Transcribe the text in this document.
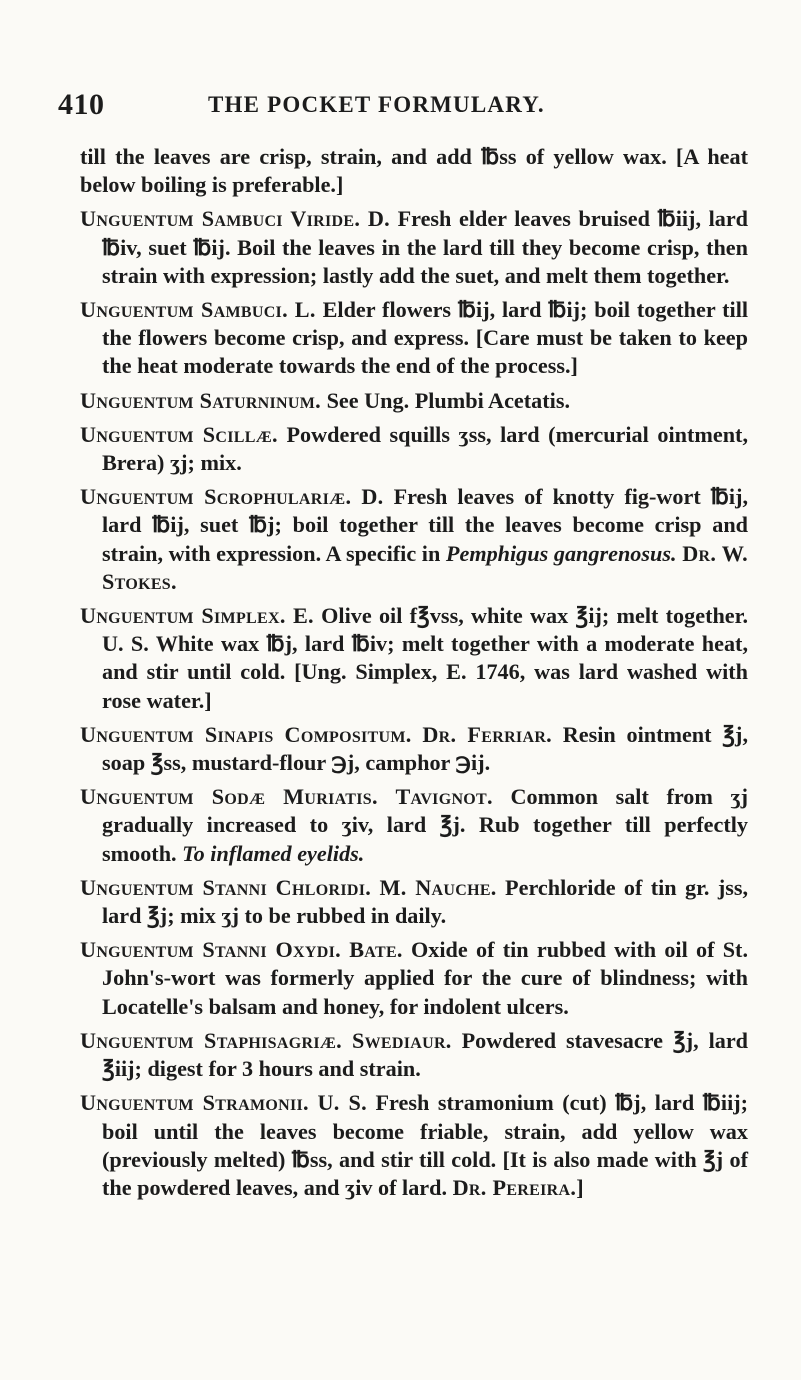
410	THE POCKET FORMULARY.

till the leaves are crisp, strain, and add ℔ss of yellow wax. [A heat below boiling is preferable.]

Unguentum Sambuci Viride. D. Fresh elder leaves bruised ℔iij, lard ℔iv, suet ℔ij. Boil the leaves in the lard till they become crisp, then strain with expression; lastly add the suet, and melt them together.

Unguentum Sambuci. L. Elder flowers ℔ij, lard ℔ij; boil together till the flowers become crisp, and express. [Care must be taken to keep the heat moderate towards the end of the process.]

Unguentum Saturninum. See Ung. Plumbi Acetatis.

Unguentum Scillæ. Powdered squills ʒss, lard (mercurial ointment, Brera) ʒj; mix.

Unguentum Scrophulariæ. D. Fresh leaves of knotty fig-wort ℔ij, lard ℔ij, suet ℔j; boil together till the leaves become crisp and strain, with expression. A specific in Pemphigus gangrenosus. Dr. W. Stokes.

Unguentum Simplex. E. Olive oil f℥vss, white wax ℥ij; melt together. U. S. White wax ℔j, lard ℔iv; melt together with a moderate heat, and stir until cold. [Ung. Simplex, E. 1746, was lard washed with rose water.]

Unguentum Sinapis Compositum. Dr. Ferriar. Resin ointment ℥j, soap ℥ss, mustard-flour ℈j, camphor ℈ij.

Unguentum Sodæ Muriatis. Tavignot. Common salt from ʒj gradually increased to ʒiv, lard ℥j. Rub together till perfectly smooth. To inflamed eyelids.

Unguentum Stanni Chloridi. M. Nauche. Perchloride of tin gr. jss, lard ℥j; mix ʒj to be rubbed in daily.

Unguentum Stanni Oxydi. Bate. Oxide of tin rubbed with oil of St. John's-wort was formerly applied for the cure of blindness; with Locatelle's balsam and honey, for indolent ulcers.

Unguentum Staphisagriæ. Swediaur. Powdered stavesacre ℥j, lard ℥iij; digest for 3 hours and strain.

Unguentum Stramonii. U. S. Fresh stramonium (cut) ℔j, lard ℔iij; boil until the leaves become friable, strain, add yellow wax (previously melted) ℔ss, and stir till cold. [It is also made with ℥j of the powdered leaves, and ʒiv of lard. Dr. Pereira.]
